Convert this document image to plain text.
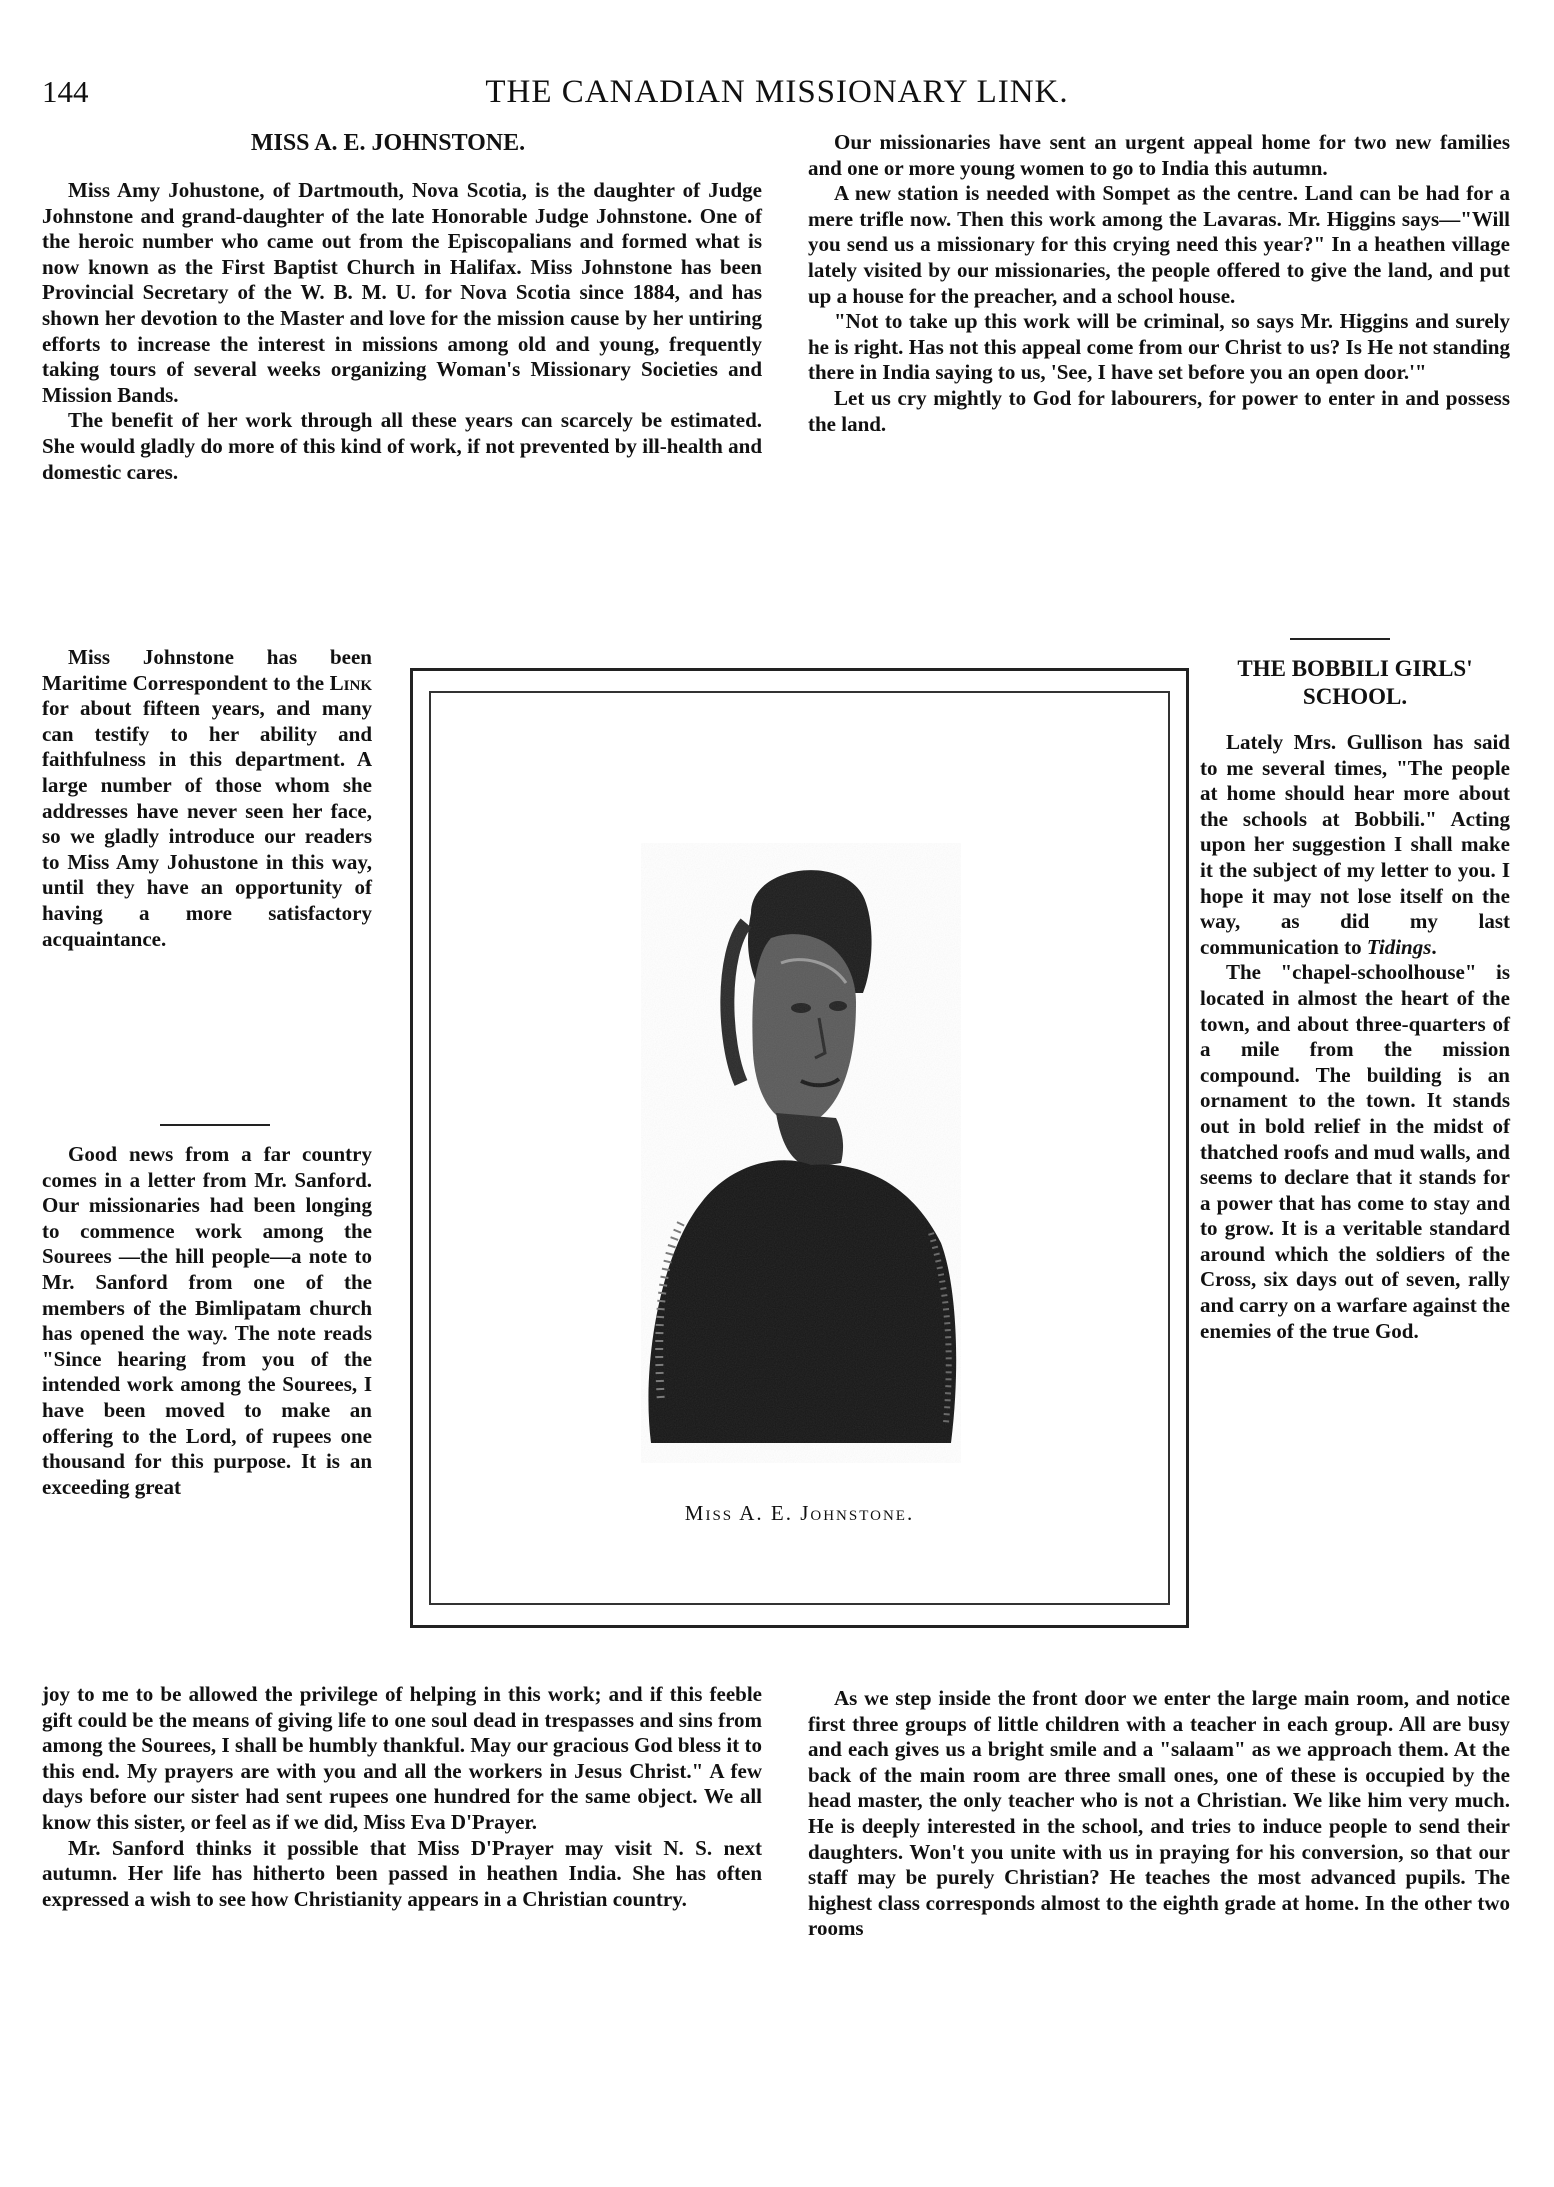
144	THE CANADIAN MISSIONARY LINK.
MISS A. E. JOHNSTONE.

Miss Amy Johustone, of Dartmouth, Nova Scotia, is the daughter of Judge Johnstone and grand-daughter of the late Honorable Judge Johnstone. One of the heroic number who came out from the Episcopalians and formed what is now known as the First Baptist Church in Halifax. Miss Johnstone has been Provincial Secretary of the W. B. M. U. for Nova Scotia since 1884, and has shown her devotion to the Master and love for the mission cause by her untiring efforts to increase the interest in missions among old and young, frequently taking tours of several weeks organizing Woman's Missionary Societies and Mission Bands.

The benefit of her work through all these years can scarcely be estimated. She would gladly do more of this kind of work, if not prevented by ill-health and domestic cares.

Miss Johnstone has been Maritime Correspondent to the Link for about fifteen years, and many can testify to her ability and faithfulness in this department. A large number of those whom she addresses have never seen her face, so we gladly introduce our readers to Miss Amy Johustone in this way, until they have an opportunity of having a more satisfactory acquaintance.

Good news from a far country comes in a letter from Mr. Sanford. Our missionaries had been longing to commence work among the Sourees —the hill people—a note to Mr. Sanford from one of the members of the Bimlipatam church has opened the way. The note reads "Since hearing from you of the intended work among the Sourees, I have been moved to make an offering to the Lord, of rupees one thousand for this purpose. It is an exceeding great

joy to me to be allowed the privilege of helping in this work; and if this feeble gift could be the means of giving life to one soul dead in trespasses and sins from among the Sourees, I shall be humbly thankful. May our gracious God bless it to this end. My prayers are with you and all the workers in Jesus Christ." A few days before our sister had sent rupees one hundred for the same object. We all know this sister, or feel as if we did, Miss Eva D'Prayer.

Mr. Sanford thinks it possible that Miss D'Prayer may visit N. S. next autumn. Her life has hitherto been passed in heathen India. She has often expressed a wish to see how Christianity appears in a Christian country.

Our missionaries have sent an urgent appeal home for two new families and one or more young women to go to India this autumn.

A new station is needed with Sompet as the centre. Land can be had for a mere trifle now. Then this work among the Lavaras. Mr. Higgins says—"Will you send us a missionary for this crying need this year?" In a heathen village lately visited by our missionaries, the people offered to give the land, and put up a house for the preacher, and a school house.

"Not to take up this work will be criminal, so says Mr. Higgins and surely he is right. Has not this appeal come from our Christ to us? Is He not standing there in India saying to us, 'See, I have set before you an open door.'"

Let us cry mightly to God for labourers, for power to enter in and possess the land.

THE BOBBILI GIRLS'
SCHOOL.

Lately Mrs. Gullison has said to me several times, "The people at home should hear more about the schools at Bobbili." Acting upon her suggestion I shall make it the subject of my letter to you. I hope it may not lose itself on the way, as did my last communication to Tidings.

The "chapel-schoolhouse" is located in almost the heart of the town, and about three-quarters of a mile from the mission compound. The building is an ornament to the town. It stands out in bold relief in the midst of thatched roofs and mud walls, and seems to declare that it stands for a power that has come to stay and to grow. It is a veritable standard around which the soldiers of the Cross, six days out of seven, rally and carry on a warfare against the enemies of the true God.

As we step inside the front door we enter the large main room, and notice first three groups of little children with a teacher in each group. All are busy and each gives us a bright smile and a "salaam" as we approach them. At the back of the main room are three small ones, one of these is occupied by the head master, the only teacher who is not a Christian. We like him very much. He is deeply interested in the school, and tries to induce people to send their daughters. Won't you unite with us in praying for his conversion, so that our staff may be purely Christian? He teaches the most advanced pupils. The highest class corresponds almost to the eighth grade at home. In the other two rooms

Miss A. E. Johnstone.
